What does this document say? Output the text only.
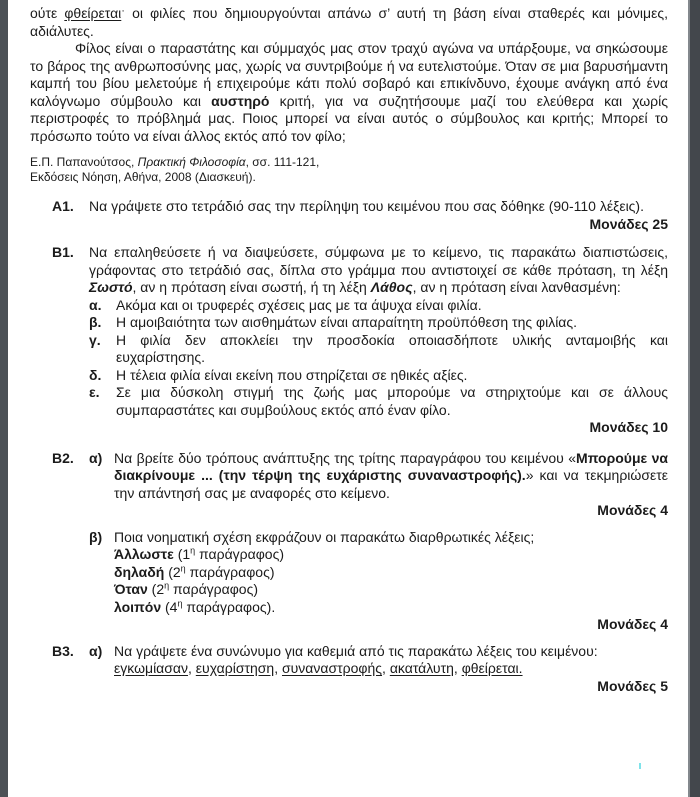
ούτε φθείρεται· οι φιλίες που δημιουργούνται απάνω σ’ αυτή τη βάση είναι σταθερές και μόνιμες, αδιάλυτες.

Φίλος είναι ο παραστάτης και σύμμαχός μας στον τραχύ αγώνα να υπάρξουμε, να σηκώσουμε το βάρος της ανθρωποσύνης μας, χωρίς να συντριβούμε ή να ευτελιστούμε. Όταν σε μια βαρυσήμαντη καμπή του βίου μελετούμε ή επιχειρούμε κάτι πολύ σοβαρό και επικίνδυνο, έχουμε ανάγκη από ένα καλόγνωμο σύμβουλο και αυστηρό κριτή, για να συζητήσουμε μαζί του ελεύθερα και χωρίς περιστροφές το πρόβλημά μας. Ποιος μπορεί να είναι αυτός ο σύμβουλος και κριτής; Μπορεί το πρόσωπο τούτο να είναι άλλος εκτός από τον φίλο;

Ε.Π. Παπανούτσος, Πρακτική Φιλοσοφία, σσ. 111-121,
Εκδόσεις Νόηση, Αθήνα, 2008 (Διασκευή).
Α1.	Να γράψετε στο τετράδιό σας την περίληψη του κειμένου που σας δόθηκε (90-110 λέξεις).
Μονάδες 25
Β1.	Να επαληθεύσετε ή να διαψεύσετε, σύμφωνα με το κείμενο, τις παρακάτω διαπιστώσεις, γράφοντας στο τετράδιό σας, δίπλα στο γράμμα που αντιστοιχεί σε κάθε πρόταση, τη λέξη Σωστό, αν η πρόταση είναι σωστή, ή τη λέξη Λάθος, αν η πρόταση είναι λανθασμένη:
α.	Ακόμα και οι τρυφερές σχέσεις μας με τα άψυχα είναι φιλία.
β.	Η αμοιβαιότητα των αισθημάτων είναι απαραίτητη προϋπόθεση της φιλίας.
γ.	Η φιλία δεν αποκλείει την προσδοκία οποιασδήποτε υλικής ανταμοιβής και ευχαρίστησης.
δ.	Η τέλεια φιλία είναι εκείνη που στηρίζεται σε ηθικές αξίες.
ε.	Σε μια δύσκολη στιγμή της ζωής μας μπορούμε να στηριχτούμε και σε άλλους συμπαραστάτες και συμβούλους εκτός από έναν φίλο.
Μονάδες 10
Β2.	α) Να βρείτε δύο τρόπους ανάπτυξης της τρίτης παραγράφου του κειμένου «Μπορούμε να διακρίνουμε ... (την τέρψη της ευχάριστης συναναστροφής).» και να τεκμηριώσετε την απάντησή σας με αναφορές στο κείμενο.
Μονάδες 4
β) Ποια νοηματική σχέση εκφράζουν οι παρακάτω διαρθρωτικές λέξεις;
Άλλωστε ($1^\eta$ παράγραφος)
δηλαδή ($2^\eta$ παράγραφος)
Όταν ($2^\eta$ παράγραφος)
λοιπόν ($4^\eta$ παράγραφος).
Μονάδες 4
Β3.	α) Να γράψετε ένα συνώνυμο για καθεμιά από τις παρακάτω λέξεις του κειμένου:
εγκωμίασαν, ευχαρίστηση, συναναστροφής, ακατάλυτη, φθείρεται.
Μονάδες 5
